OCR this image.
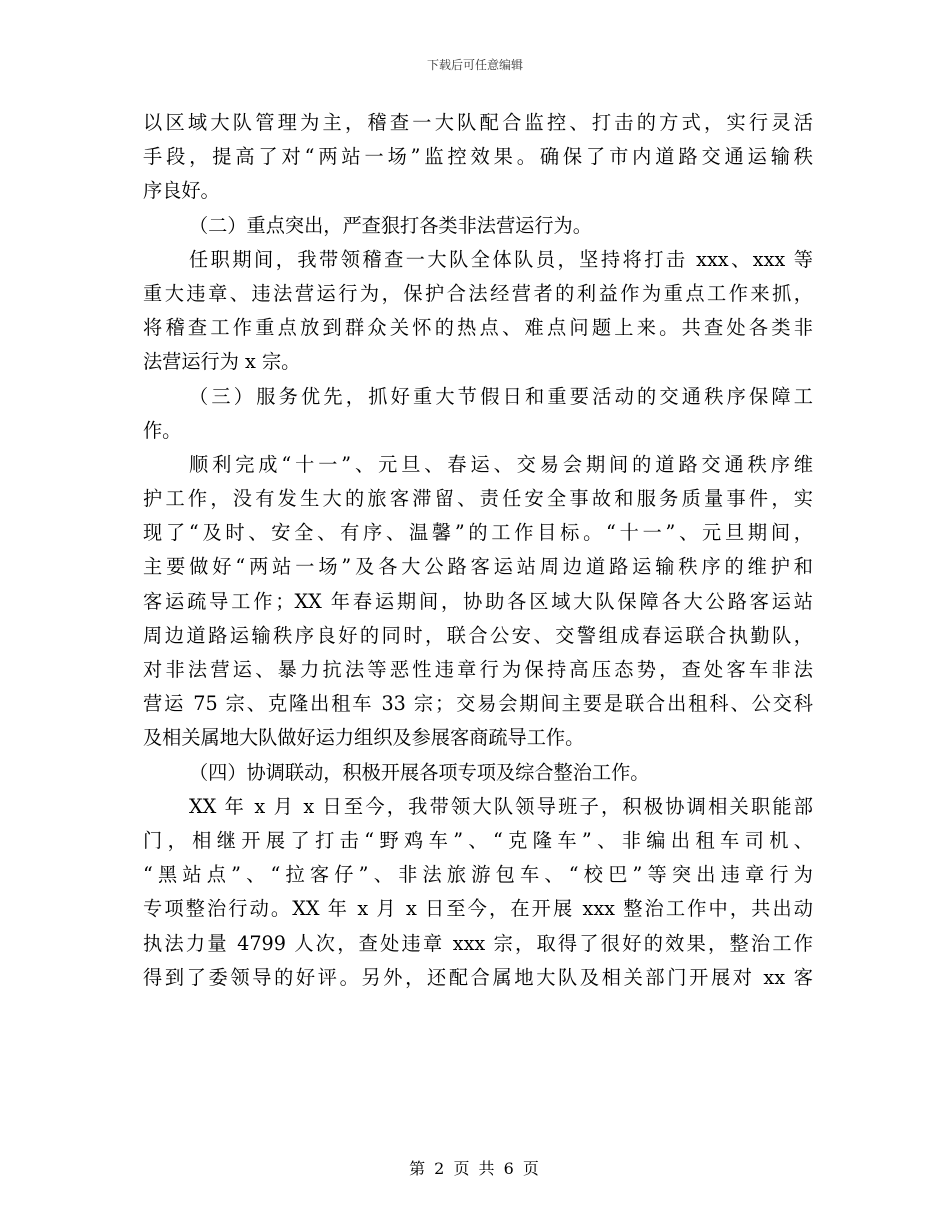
下载后可任意编辑
以区域大队管理为主，稽查一大队配合监控、打击的方式，实行灵活
手段，提高了对“两站一场”监控效果。确保了市内道路交通运输秩
序良好。
（二）重点突出，严查狠打各类非法营运行为。
任职期间，我带领稽查一大队全体队员，坚持将打击 xxx、xxx 等
重大违章、违法营运行为，保护合法经营者的利益作为重点工作来抓，
将稽查工作重点放到群众关怀的热点、难点问题上来。共查处各类非
法营运行为 x 宗。
（三）服务优先，抓好重大节假日和重要活动的交通秩序保障工
作。
顺利完成“十一”、元旦、春运、交易会期间的道路交通秩序维
护工作，没有发生大的旅客滞留、责任安全事故和服务质量事件，实
现了“及时、安全、有序、温馨”的工作目标。“十一”、元旦期间，
主要做好“两站一场”及各大公路客运站周边道路运输秩序的维护和
客运疏导工作；XX 年春运期间，协助各区域大队保障各大公路客运站
周边道路运输秩序良好的同时，联合公安、交警组成春运联合执勤队，
对非法营运、暴力抗法等恶性违章行为保持高压态势，查处客车非法
营运 75 宗、克隆出租车 33 宗；交易会期间主要是联合出租科、公交科
及相关属地大队做好运力组织及参展客商疏导工作。
（四）协调联动，积极开展各项专项及综合整治工作。
XX 年 x 月 x 日至今，我带领大队领导班子，积极协调相关职能部
门，相继开展了打击“野鸡车”、“克隆车”、非编出租车司机、
“黑站点”、“拉客仔”、非法旅游包车、“校巴”等突出违章行为
专项整治行动。XX 年 x 月 x 日至今，在开展 xxx 整治工作中，共出动
执法力量 4799 人次，查处违章 xxx 宗，取得了很好的效果，整治工作
得到了委领导的好评。另外，还配合属地大队及相关部门开展对 xx 客
第 2 页 共 6 页
